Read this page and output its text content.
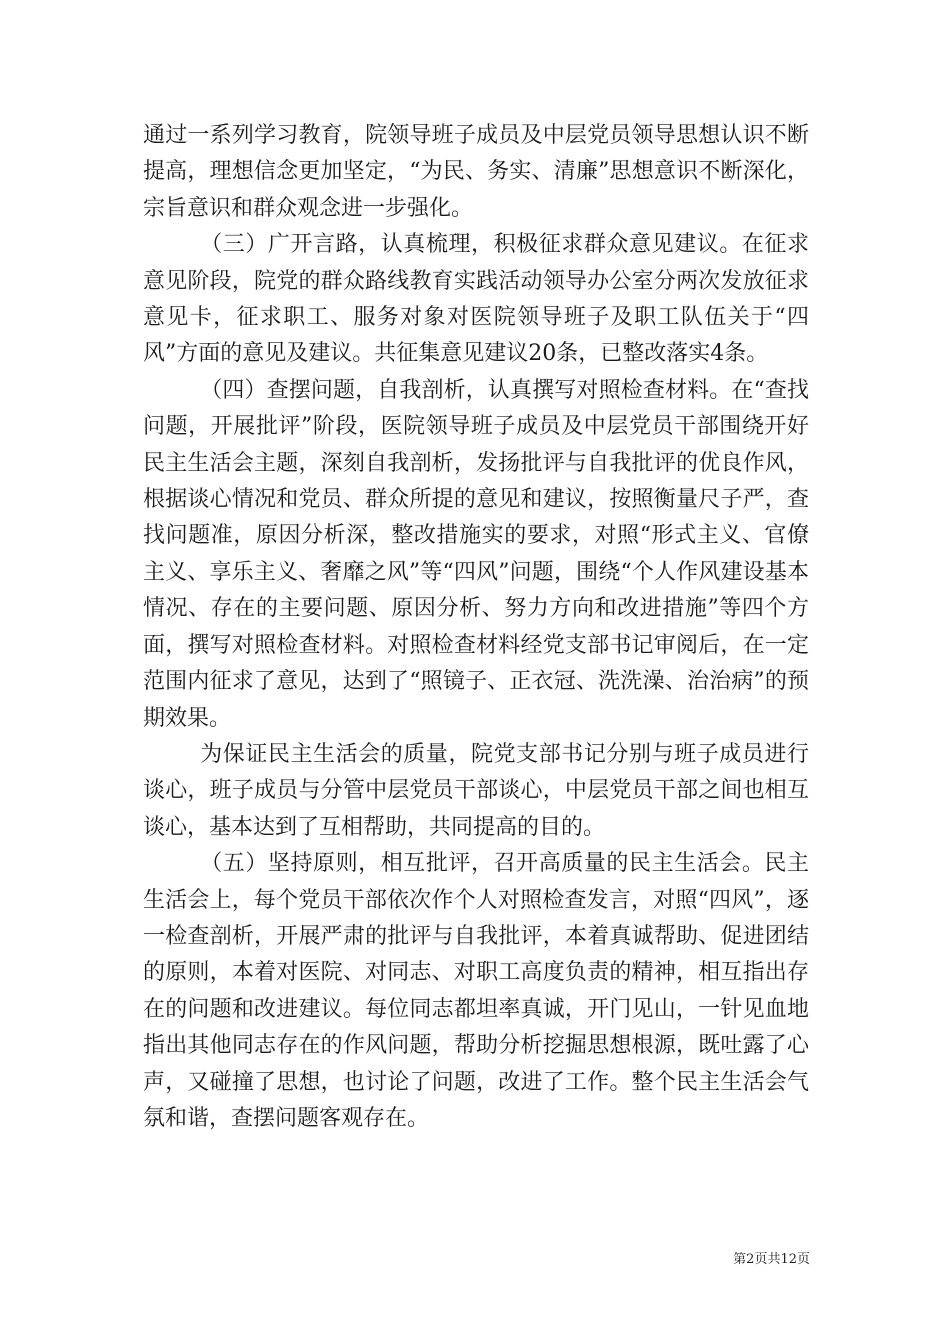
通过一系列学习教育，院领导班子成员及中层党员领导思想认识不断提高，理想信念更加坚定，“为民、务实、清廉”思想意识不断深化，宗旨意识和群众观念进一步强化。

（三）广开言路，认真梳理，积极征求群众意见建议。在征求意见阶段，院党的群众路线教育实践活动领导办公室分两次发放征求意见卡，征求职工、服务对象对医院领导班子及职工队伍关于“四风”方面的意见及建议。共征集意见建议20条，已整改落实4条。

（四）查摆问题，自我剖析，认真撰写对照检查材料。在“查找问题，开展批评”阶段，医院领导班子成员及中层党员干部围绕开好民主生活会主题，深刻自我剖析，发扬批评与自我批评的优良作风，根据谈心情况和党员、群众所提的意见和建议，按照衡量尺子严，查找问题准，原因分析深，整改措施实的要求，对照“形式主义、官僚主义、享乐主义、奢靡之风”等“四风”问题，围绕“个人作风建设基本情况、存在的主要问题、原因分析、努力方向和改进措施”等四个方面，撰写对照检查材料。对照检查材料经党支部书记审阅后，在一定范围内征求了意见，达到了“照镜子、正衣冠、洗洗澡、治治病”的预期效果。

为保证民主生活会的质量，院党支部书记分别与班子成员进行谈心，班子成员与分管中层党员干部谈心，中层党员干部之间也相互谈心，基本达到了互相帮助，共同提高的目的。

（五）坚持原则，相互批评，召开高质量的民主生活会。民主生活会上，每个党员干部依次作个人对照检查发言，对照“四风”，逐一检查剖析，开展严肃的批评与自我批评，本着真诚帮助、促进团结的原则，本着对医院、对同志、对职工高度负责的精神，相互指出存在的问题和改进建议。每位同志都坦率真诚，开门见山，一针见血地指出其他同志存在的作风问题，帮助分析挖掘思想根源，既吐露了心声，又碰撞了思想，也讨论了问题，改进了工作。整个民主生活会气氛和谐，查摆问题客观存在。

第2页共12页
